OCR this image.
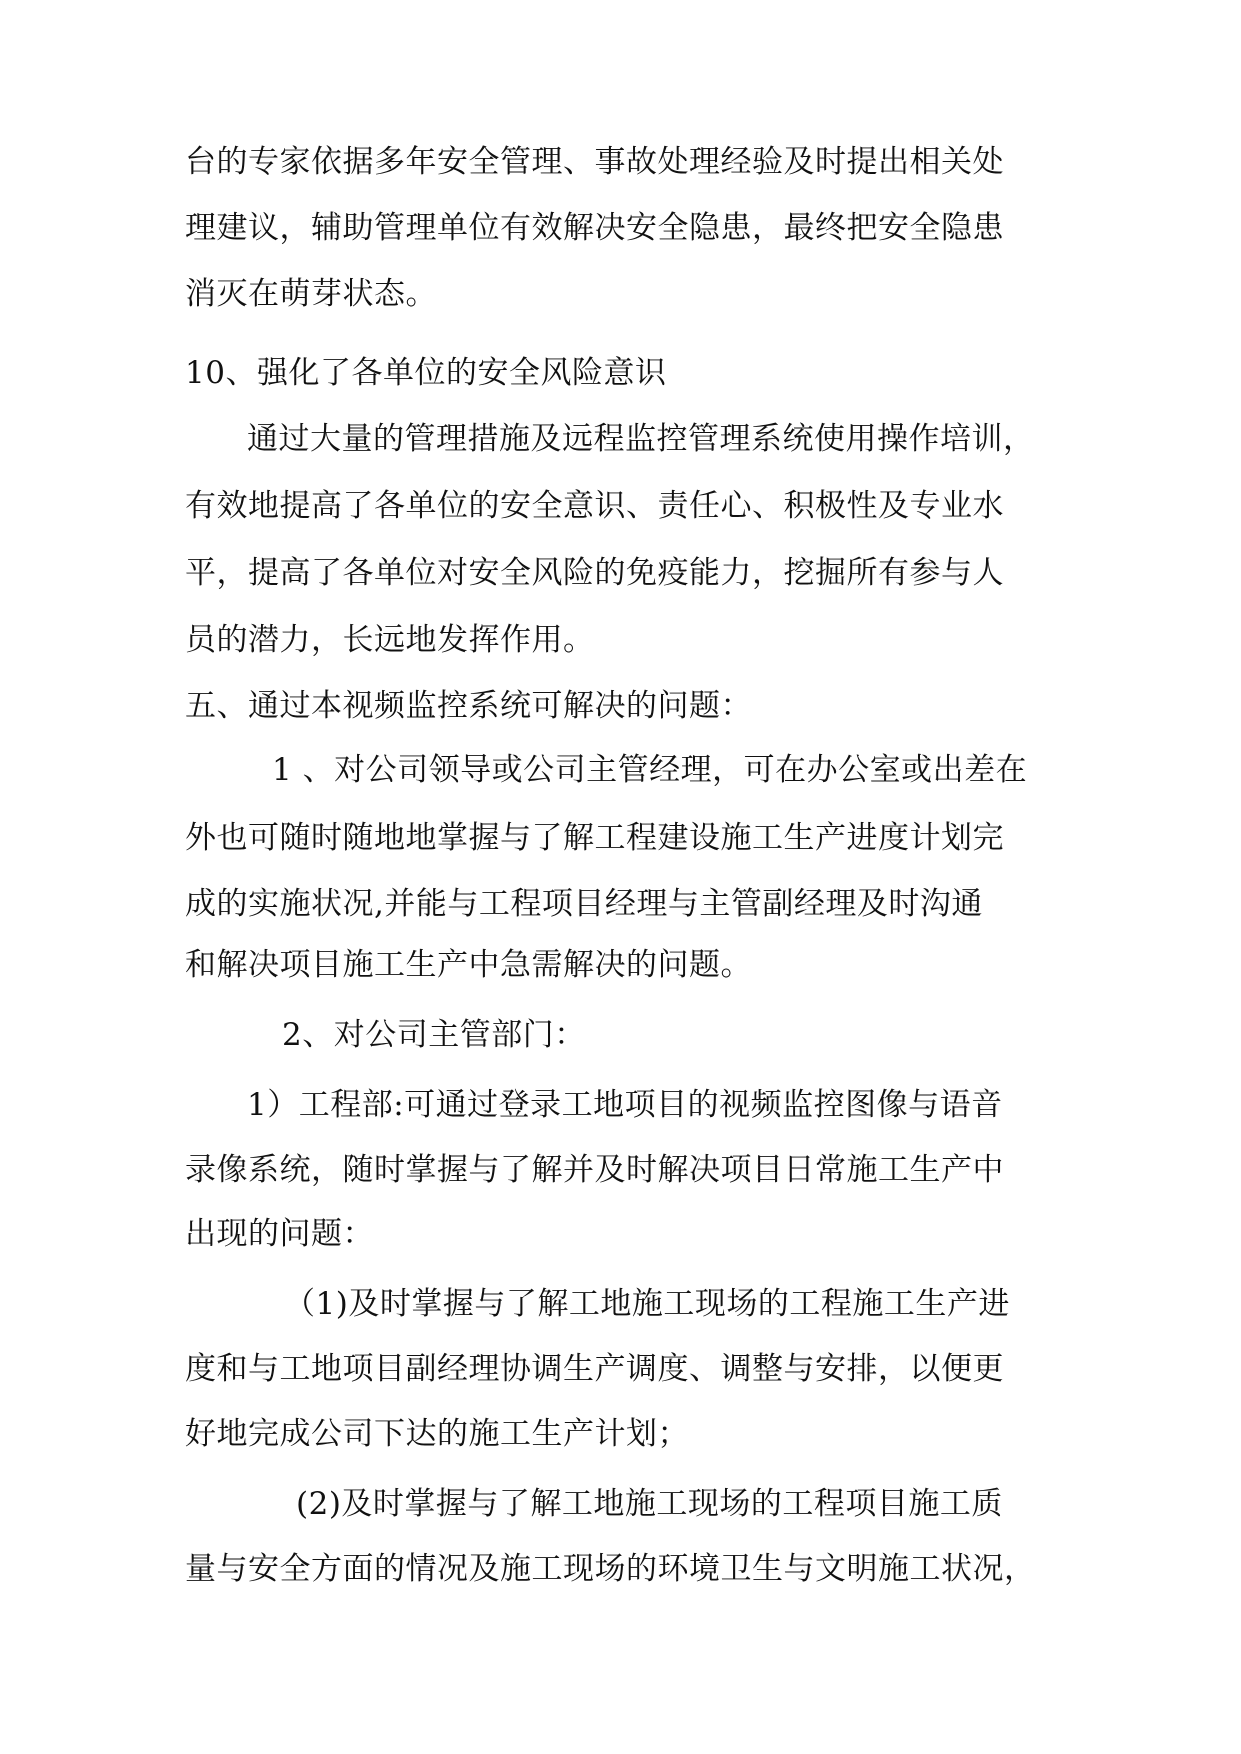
台的专家依据多年安全管理、事故处理经验及时提出相关处
理建议，辅助管理单位有效解决安全隐患，最终把安全隐患
消灭在萌芽状态。
10、强化了各单位的安全风险意识
通过大量的管理措施及远程监控管理系统使用操作培训，
有效地提高了各单位的安全意识、责任心、积极性及专业水
平，提高了各单位对安全风险的免疫能力，挖掘所有参与人
员的潜力，长远地发挥作用。
五、通过本视频监控系统可解决的问题：
1 、对公司领导或公司主管经理，可在办公室或出差在
外也可随时随地地掌握与了解工程建设施工生产进度计划完
成的实施状况,并能与工程项目经理与主管副经理及时沟通
和解决项目施工生产中急需解决的问题。
2、对公司主管部门：
1）工程部:可通过登录工地项目的视频监控图像与语音
录像系统，随时掌握与了解并及时解决项目日常施工生产中
出现的问题：
（1)及时掌握与了解工地施工现场的工程施工生产进
度和与工地项目副经理协调生产调度、调整与安排，以便更
好地完成公司下达的施工生产计划；
(2)及时掌握与了解工地施工现场的工程项目施工质
量与安全方面的情况及施工现场的环境卫生与文明施工状况，
